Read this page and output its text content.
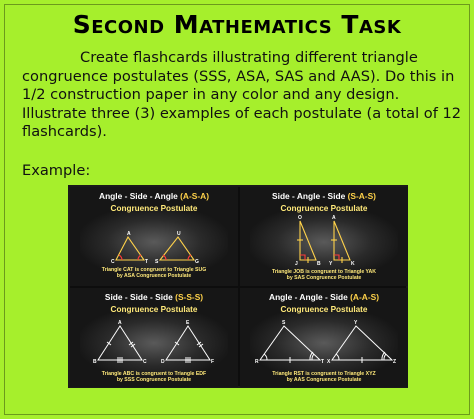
Second Mathematics Task
Create flashcards illustrating different triangle congruence postulates (SSS, ASA, SAS and AAS). Do this in 1/2 construction paper in any color and any design. Illustrate three (3) examples of each postulate (a total of 12 flashcards).
Example:
Angle - Side - Angle (A-S-A)
Congruence Postulate
A
C	T
U
S	G
Triangle CAT is congruent to Triangle SUG
by ASA Congruence Postulate
Side - Angle - Side (S-A-S)
Congruence Postulate
O	A
J	B Y	K
Triangle JOB is congruent to Triangle YAK
by SAS Congruence Postulate
Side - Side - Side (S-S-S)
Congruence Postulate
A
B	C
E
D	F
Triangle ABC is congruent to Triangle EDF
by SSS Congruence Postulate
Angle - Angle - Side (A-A-S)
Congruence Postulate
S
R	T
Y
X	Z
Triangle RST is congruent to Triangle XYZ
by AAS Congruence Postulate
